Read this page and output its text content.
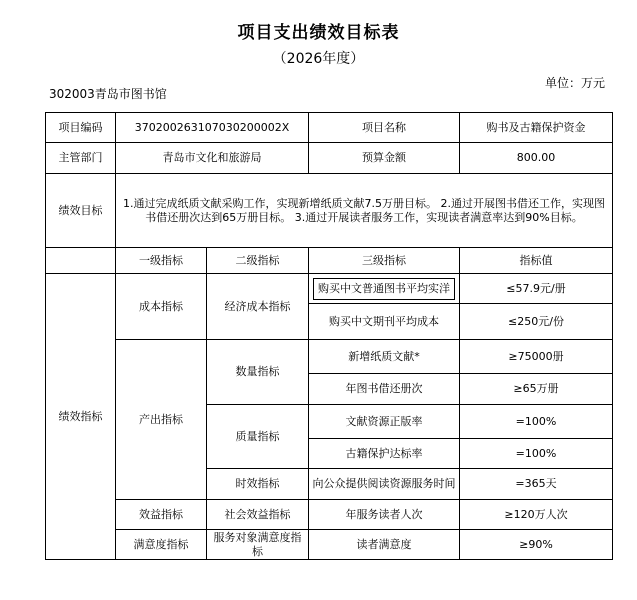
项目支出绩效目标表
（2026年度）
单位：万元
302003青岛市图书馆
项目编码	370200263107030200002X		项目名称	购书及古籍保护资金
主管部门	青岛市文化和旅游局		预算金额	800.00
绩效目标	1.通过完成纸质文献采购工作，实现新增纸质文献7.5万册目标。 2.通过开展图书借还工作，实现图书借还册次达到65万册目标。 3.通过开展读者服务工作，实现读者满意率达到90%目标。			
	一级指标	二级指标	三级指标	指标值
绩效指标	成本指标	经济成本指标	购买中文普通图书平均实洋	≤57.9元/册
			购买中文期刊平均成本	≤250元/份
	产出指标	数量指标	新增纸质文献*	≥75000册
			年图书借还册次	≥65万册
		质量指标	文献资源正版率	=100%
			古籍保护达标率	=100%
		时效指标	向公众提供阅读资源服务时间	=365天
	效益指标	社会效益指标	年服务读者人次	≥120万人次
	满意度指标	服务对象满意度指标	读者满意度	≥90%
